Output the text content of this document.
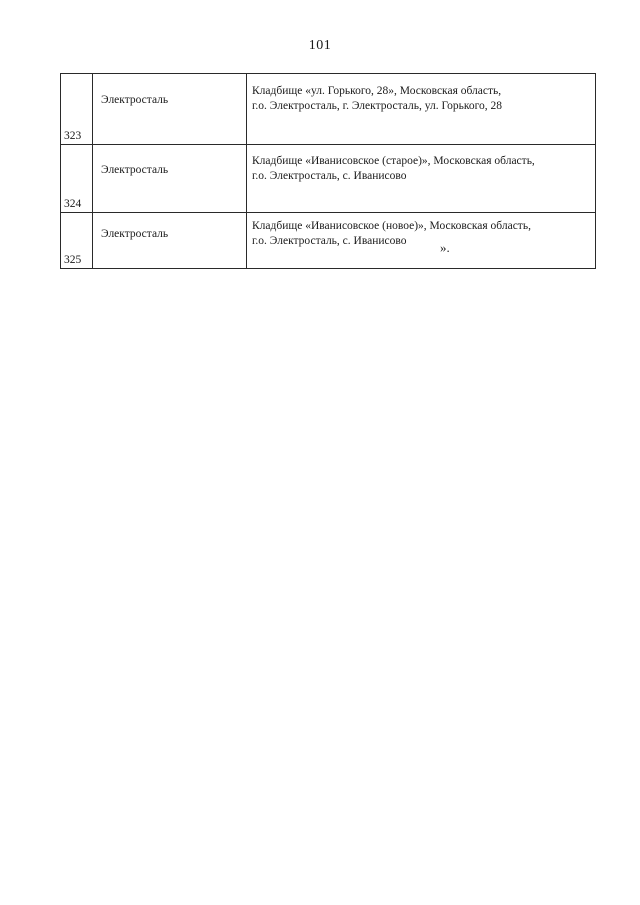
101
323	Электросталь	Кладбище «ул. Горького, 28», Московская область,
г.о. Электросталь, г. Электросталь, ул. Горького, 28

324	Электросталь	Кладбище «Иванисовское (старое)», Московская область,
г.о. Электросталь, с. Иванисово

325	Электросталь	Кладбище «Иванисовское (новое)», Московская область,
г.о. Электросталь, с. Иванисово	».
